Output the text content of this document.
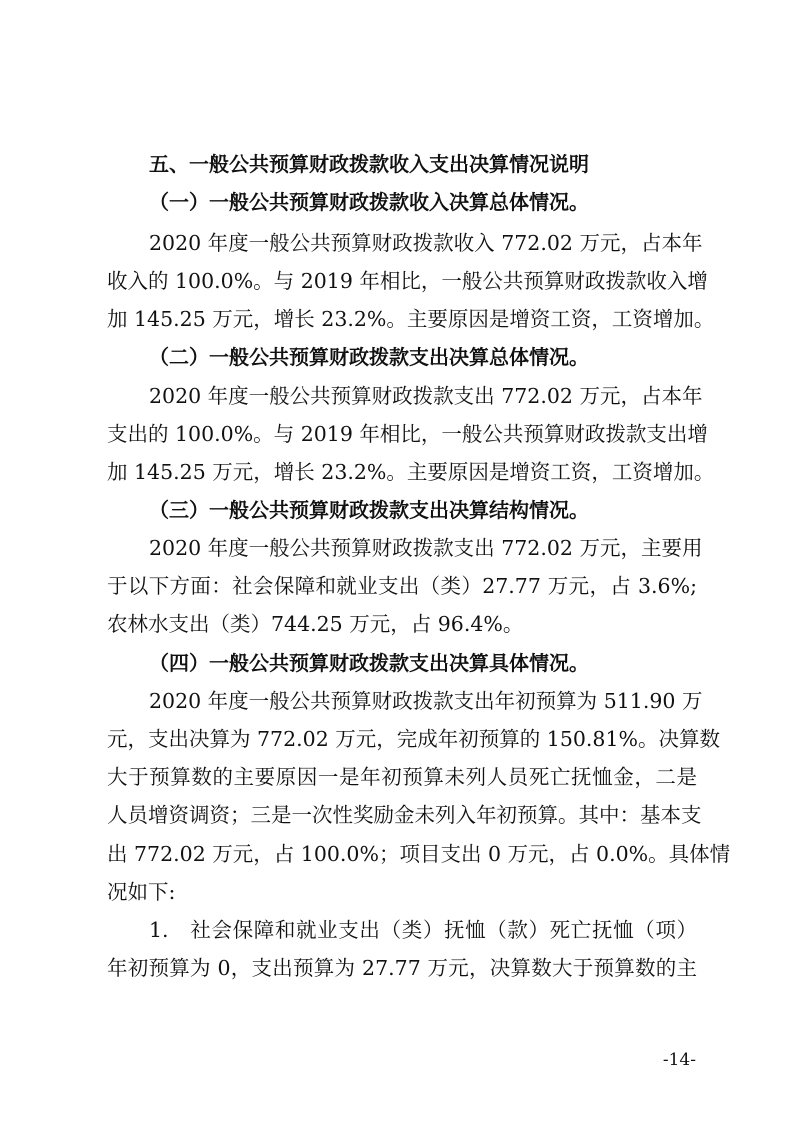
五、一般公共预算财政拨款收入支出决算情况说明
（一）一般公共预算财政拨款收入决算总体情况。
2020 年度一般公共预算财政拨款收入 772.02 万元，占本年
收入的 100.0%。与 2019 年相比，一般公共预算财政拨款收入增
加 145.25 万元，增长 23.2%。主要原因是增资工资，工资增加。
（二）一般公共预算财政拨款支出决算总体情况。
2020 年度一般公共预算财政拨款支出 772.02 万元，占本年
支出的 100.0%。与 2019 年相比，一般公共预算财政拨款支出增
加 145.25 万元，增长 23.2%。主要原因是增资工资，工资增加。
（三）一般公共预算财政拨款支出决算结构情况。
2020 年度一般公共预算财政拨款支出 772.02 万元，主要用
于以下方面：社会保障和就业支出（类）27.77 万元，占 3.6%;
农林水支出（类）744.25 万元，占 96.4%。
（四）一般公共预算财政拨款支出决算具体情况。
2020 年度一般公共预算财政拨款支出年初预算为 511.90 万
元，支出决算为 772.02 万元，完成年初预算的 150.81%。决算数
大于预算数的主要原因一是年初预算未列人员死亡抚恤金，二是
人员增资调资；三是一次性奖励金未列入年初预算。其中：基本支
出 772.02 万元，占 100.0%；项目支出 0 万元，占 0.0%。具体情
况如下:
1.　社会保障和就业支出（类）抚恤（款）死亡抚恤（项）
年初预算为 0，支出预算为 27.77 万元，决算数大于预算数的主
-14-
